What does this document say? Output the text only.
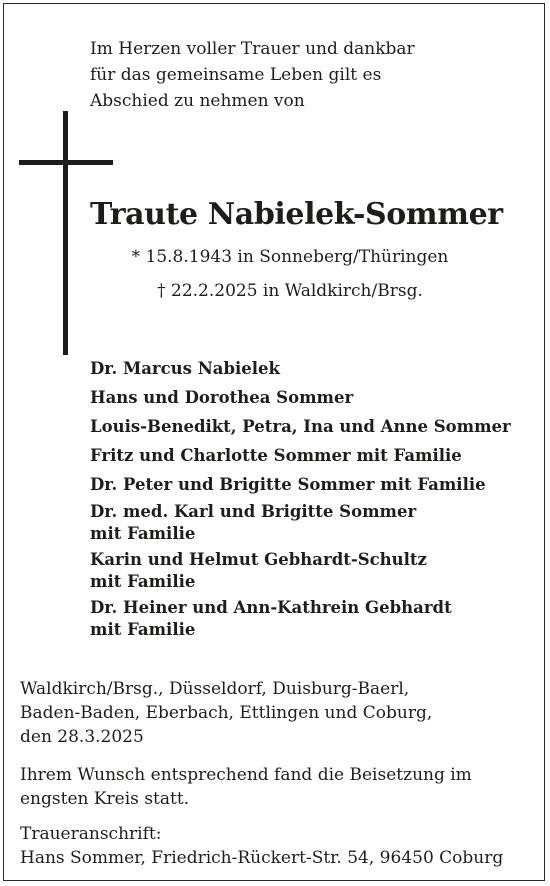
Im Herzen voller Trauer und dankbar
für das gemeinsame Leben gilt es
Abschied zu nehmen von
Traute Nabielek-Sommer
* 15.8.1943 in Sonneberg/Thüringen
† 22.2.2025 in Waldkirch/Brsg.
Dr. Marcus Nabielek
Hans und Dorothea Sommer
Louis-Benedikt, Petra, Ina und Anne Sommer
Fritz und Charlotte Sommer mit Familie
Dr. Peter und Brigitte Sommer mit Familie
Dr. med. Karl und Brigitte Sommer
mit Familie
Karin und Helmut Gebhardt-Schultz
mit Familie
Dr. Heiner und Ann-Kathrein Gebhardt
mit Familie
Waldkirch/Brsg., Düsseldorf, Duisburg-Baerl,
Baden-Baden, Eberbach, Ettlingen und Coburg,
den 28.3.2025
Ihrem Wunsch entsprechend fand die Beisetzung im
engsten Kreis statt.
Traueranschrift:
Hans Sommer, Friedrich-Rückert-Str. 54, 96450 Coburg
